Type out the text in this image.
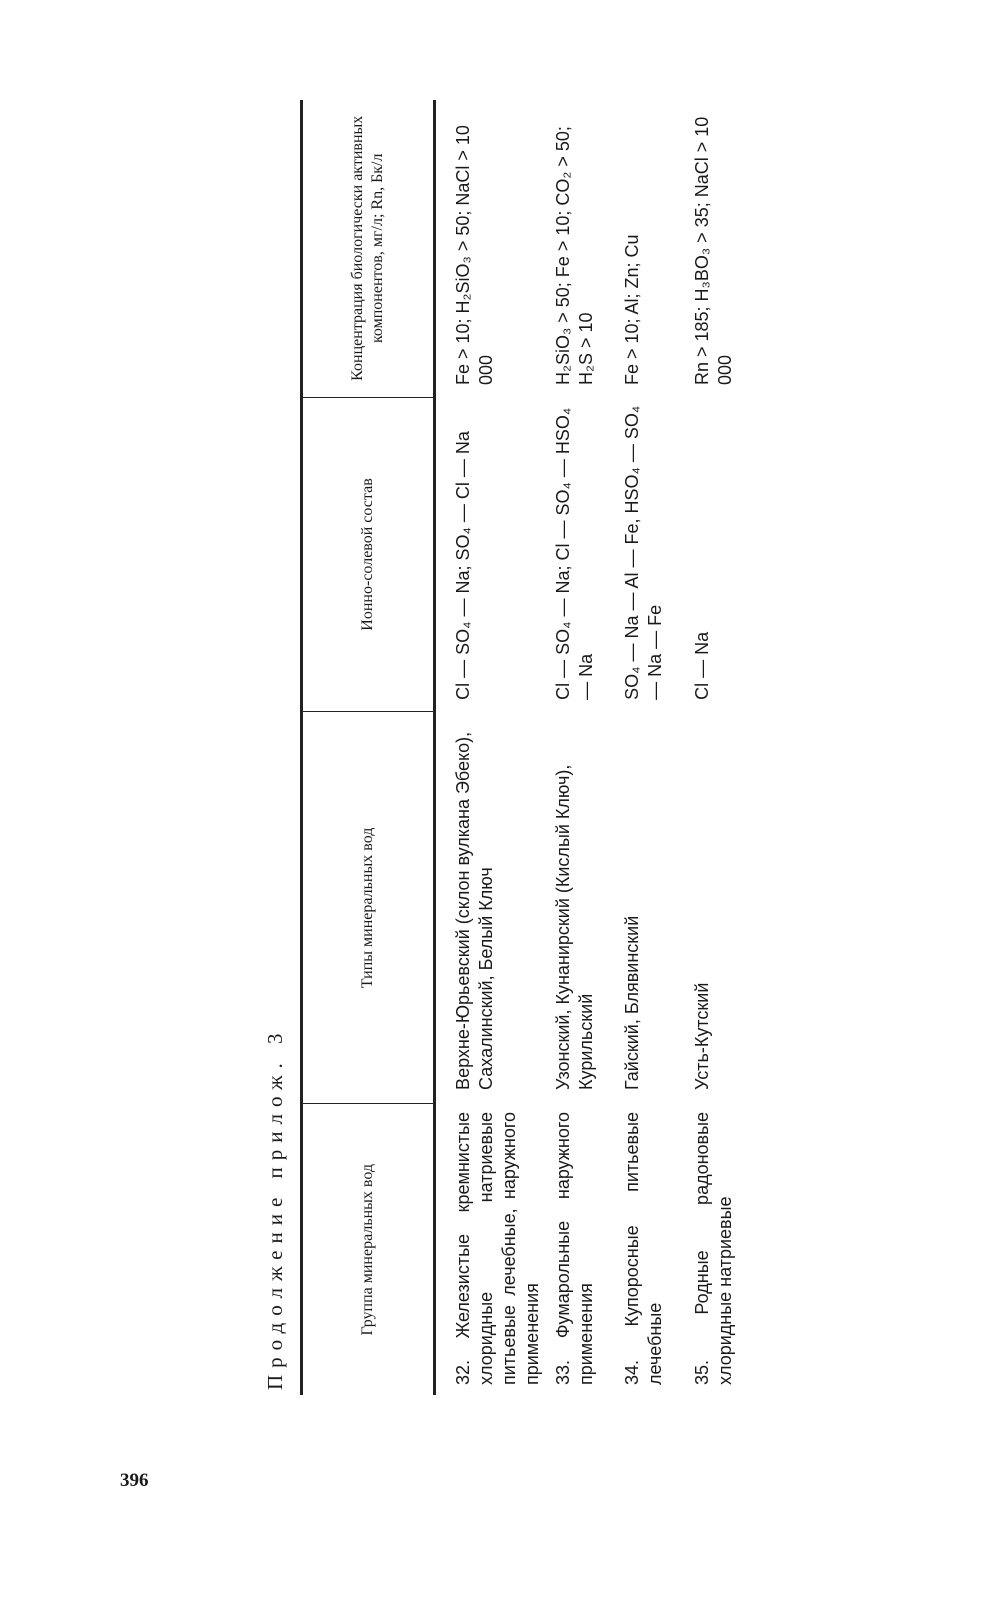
396
Продолжение прилож. 3	Группа минеральных вод	Типы минеральных вод	Ионно-солевой состав	Концентрация биологически активных компонентов, мг/л; Rn, Бк/л
32. Железистые кремнистые хлоридные натриевые питьевые лечебные, наружного применения	Верхне-Юрьевский (склон вулкана Эбеко), Сахалинский, Белый Ключ	Cl — SO₄ — Na; SO₄ — Cl — Na	Fe > 10; H₂SiO₃ > 50; NaCl > 10 000
33. Фумарольные наружного применения	Узонский, Кунанирский (Кислый Ключ), Курильский	Cl — SO₄ — Na; Cl — SO₄ — HSO₄ — Na	H₂SiO₃ > 50; Fe > 10; CO₂ > 50; H₂S > 10
34. Купоросные питьевые лечебные	Гайский, Блявинский	SO₄ — Na — Al — Fe, HSO₄ — SO₄ — Na — Fe	Fe > 10; Al; Zn; Cu
35. Родные радоновые хлоридные натриевые	Усть-Кутский	Cl — Na	Rn > 185; H₃BO₃ > 35; NaCl > 10 000
